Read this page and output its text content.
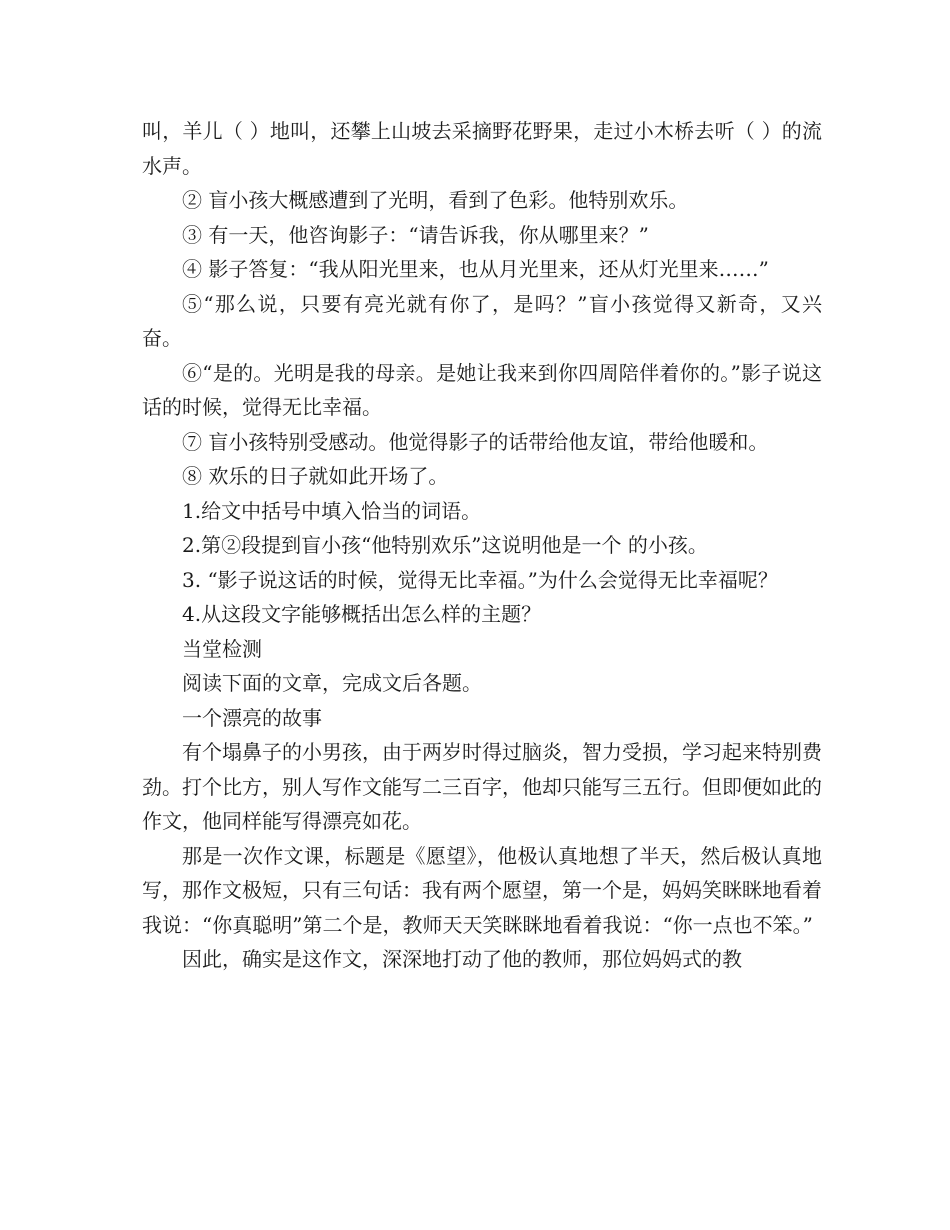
叫，羊儿（ ）地叫，还攀上山坡去采摘野花野果，走过小木桥去听（ ）的流水声。

② 盲小孩大概感遭到了光明，看到了色彩。他特别欢乐。

③ 有一天，他咨询影子：“请告诉我，你从哪里来？”

④ 影子答复：“我从阳光里来，也从月光里来，还从灯光里来……”

⑤“那么说，只要有亮光就有你了，是吗？”盲小孩觉得又新奇，又兴奋。

⑥“是的。光明是我的母亲。是她让我来到你四周陪伴着你的。”影子说这话的时候，觉得无比幸福。

⑦ 盲小孩特别受感动。他觉得影子的话带给他友谊，带给他暖和。

⑧ 欢乐的日子就如此开场了。

1.给文中括号中填入恰当的词语。

2.第②段提到盲小孩“他特别欢乐”这说明他是一个 的小孩。

3. “影子说这话的时候，觉得无比幸福。”为什么会觉得无比幸福呢？

4.从这段文字能够概括出怎么样的主题？

当堂检测

阅读下面的文章，完成文后各题。

一个漂亮的故事

有个塌鼻子的小男孩，由于两岁时得过脑炎，智力受损，学习起来特别费劲。打个比方，别人写作文能写二三百字，他却只能写三五行。但即便如此的作文，他同样能写得漂亮如花。

那是一次作文课，标题是《愿望》，他极认真地想了半天，然后极认真地写，那作文极短，只有三句话：我有两个愿望，第一个是，妈妈笑眯眯地看着我说：“你真聪明”第二个是，教师天天笑眯眯地看着我说：“你一点也不笨。”

因此，确实是这作文，深深地打动了他的教师，那位妈妈式的教
